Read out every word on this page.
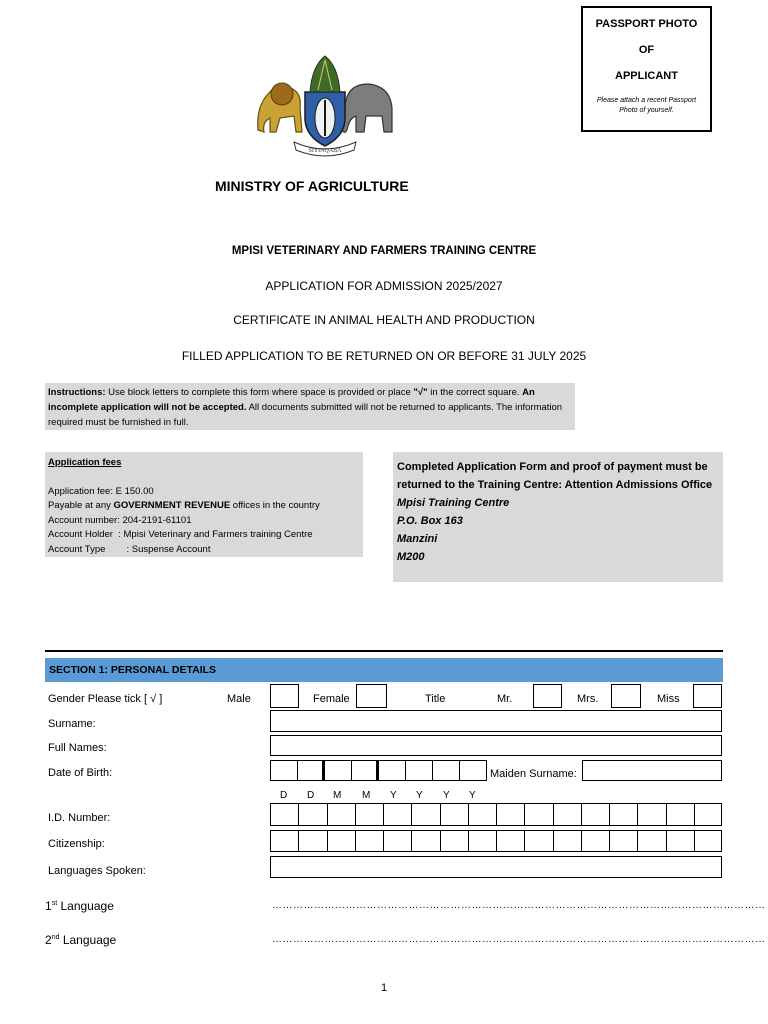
PASSPORT PHOTO
OF
APPLICANT
Please attach a recent Passport Photo of yourself.
SIYINQABA
MINISTRY OF AGRICULTURE
MPISI VETERINARY AND FARMERS TRAINING CENTRE
APPLICATION FOR ADMISSION 2025/2027
CERTIFICATE IN ANIMAL HEALTH AND PRODUCTION
FILLED APPLICATION TO BE RETURNED ON OR BEFORE 31 JULY 2025
Instructions: Use block letters to complete this form where space is provided or place "√" in the correct square. An incomplete application will not be accepted. All documents submitted will not be returned to applicants. The information required must be furnished in full.
Application fees
Application fee: E 150.00
Payable at any GOVERNMENT REVENUE offices in the country
Account number: 204-2191-61101
Account Holder  : Mpisi Veterinary and Farmers training Centre
Account Type        : Suspense Account
Completed Application Form and proof of payment must be returned to the Training Centre: Attention Admissions Office
Mpisi Training Centre
P.O. Box 163
Manzini
M200
SECTION 1: PERSONAL DETAILS
Gender Please tick [ √ ]	Male	Female	Title	Mr.	Mrs.	Miss
Surname:
Full Names:
Date of Birth:	Maiden Surname:
D D M M Y Y Y Y
I.D. Number:
Citizenship:
Languages Spoken:
1st Language	……………………………………………………………………………………………………………………………
2nd Language	……………………………………………………………………………………………………………………………
1
